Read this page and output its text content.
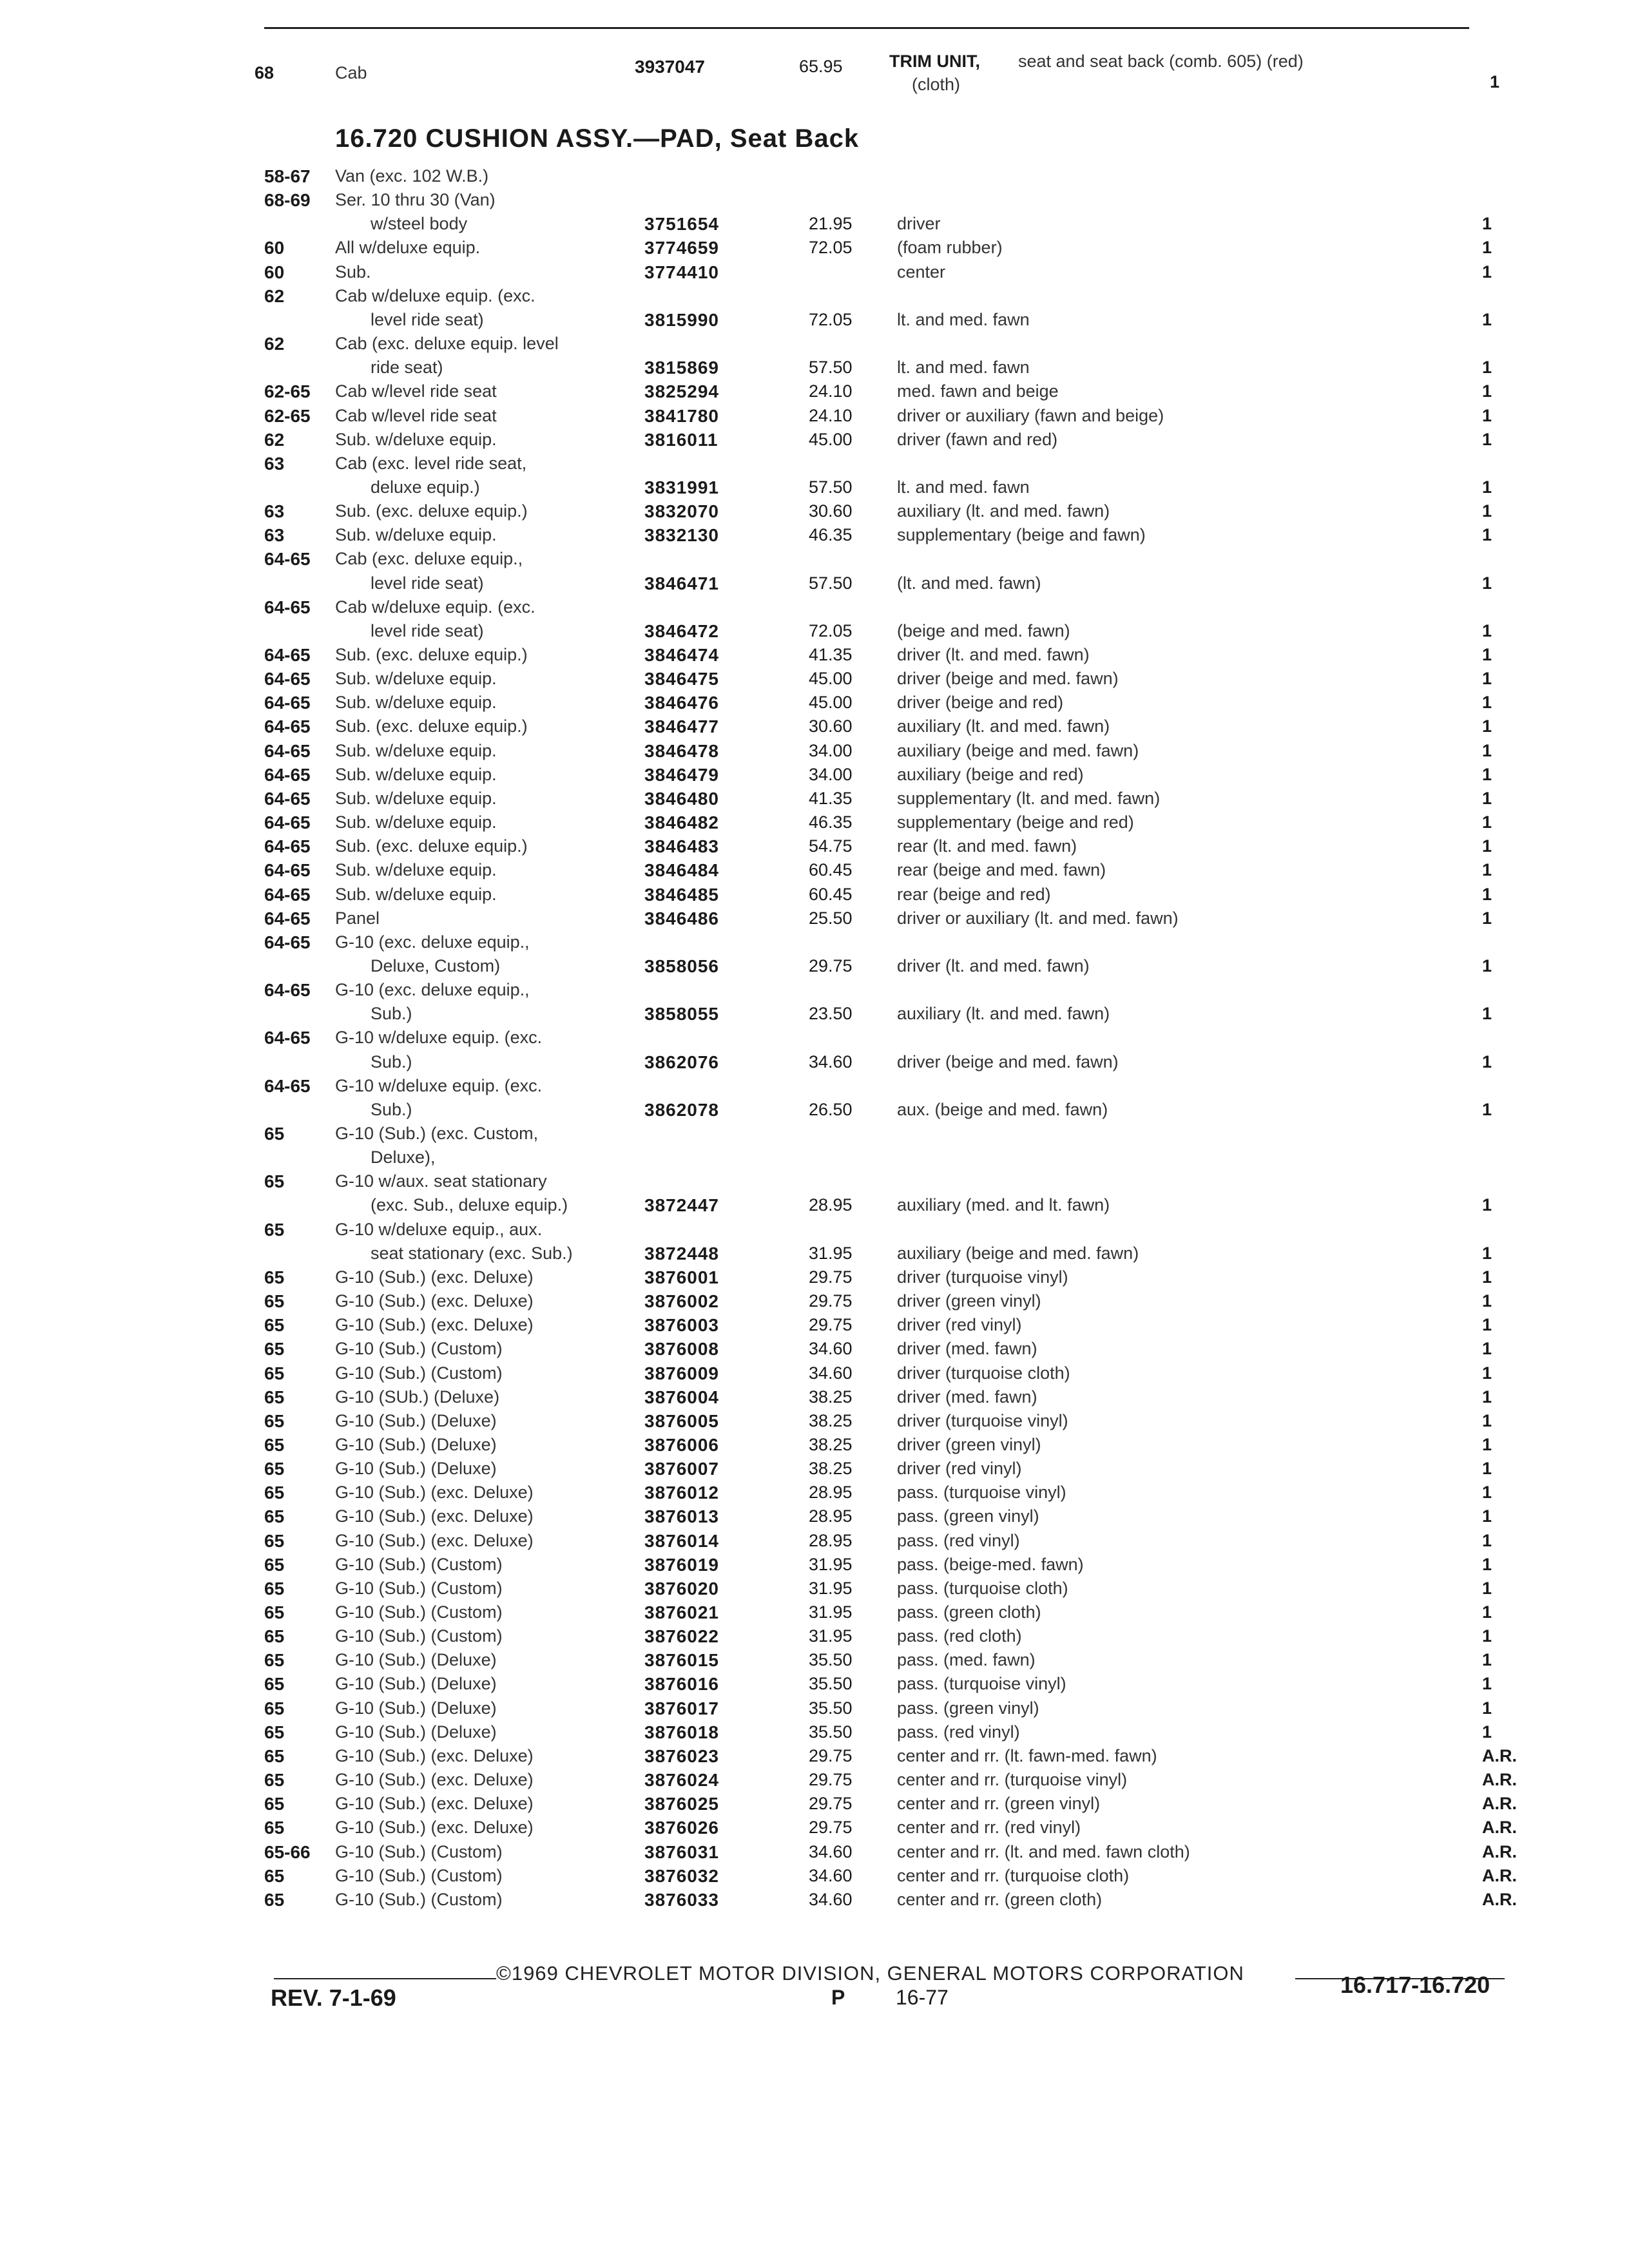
68	Cab	3937047	65.95	TRIM UNIT, seat and seat back (comb. 605) (red)
(cloth)	1
16.720 CUSHION ASSY.—PAD, Seat Back
58-67 Van (exc. 102 W.B.)
68-69 Ser. 10 thru 30 (Van)
w/steel body	3751654	21.95	driver	1
60	All w/deluxe equip.	3774659	72.05	(foam rubber)	1
60	Sub.	3774410	center	1
62	Cab w/deluxe equip. (exc.
level ride seat)	3815990	72.05	lt. and med. fawn	1
62	Cab (exc. deluxe equip. level
ride seat)	3815869	57.50	lt. and med. fawn	1
62-65 Cab w/level ride seat	3825294	24.10	med. fawn and beige	1
62-65 Cab w/level ride seat	3841780	24.10	driver or auxiliary (fawn and beige)	1
62	Sub. w/deluxe equip.	3816011	45.00	driver (fawn and red)	1
63	Cab (exc. level ride seat,
deluxe equip.)	3831991	57.50	lt. and med. fawn	1
63	Sub. (exc. deluxe equip.)	3832070	30.60	auxiliary (lt. and med. fawn)	1
63	Sub. w/deluxe equip.	3832130	46.35	supplementary (beige and fawn)	1
64-65 Cab (exc. deluxe equip.,
level ride seat)	3846471	57.50	(lt. and med. fawn)	1
64-65 Cab w/deluxe equip. (exc.
level ride seat)	3846472	72.05	(beige and med. fawn)	1
64-65 Sub. (exc. deluxe equip.)	3846474	41.35	driver (lt. and med. fawn)	1
64-65 Sub. w/deluxe equip.	3846475	45.00	driver (beige and med. fawn)	1
64-65 Sub. w/deluxe equip.	3846476	45.00	driver (beige and red)	1
64-65 Sub. (exc. deluxe equip.)	3846477	30.60	auxiliary (lt. and med. fawn)	1
64-65 Sub. w/deluxe equip.	3846478	34.00	auxiliary (beige and med. fawn)	1
64-65 Sub. w/deluxe equip.	3846479	34.00	auxiliary (beige and red)	1
64-65 Sub. w/deluxe equip.	3846480	41.35	supplementary (lt. and med. fawn)	1
64-65 Sub. w/deluxe equip.	3846482	46.35	supplementary (beige and red)	1
64-65 Sub. (exc. deluxe equip.)	3846483	54.75	rear (lt. and med. fawn)	1
64-65 Sub. w/deluxe equip.	3846484	60.45	rear (beige and med. fawn)	1
64-65 Sub. w/deluxe equip.	3846485	60.45	rear (beige and red)	1
64-65 Panel	3846486	25.50	driver or auxiliary (lt. and med. fawn)	1
64-65 G-10 (exc. deluxe equip.,
Deluxe, Custom)	3858056	29.75	driver (lt. and med. fawn)	1
64-65 G-10 (exc. deluxe equip.,
Sub.)	3858055	23.50	auxiliary (lt. and med. fawn)	1
64-65 G-10 w/deluxe equip. (exc.
Sub.)	3862076	34.60	driver (beige and med. fawn)	1
64-65 G-10 w/deluxe equip. (exc.
Sub.)	3862078	26.50	aux. (beige and med. fawn)	1
65	G-10 (Sub.) (exc. Custom,
Deluxe),
65	G-10 w/aux. seat stationary
(exc. Sub., deluxe equip.)	3872447	28.95	auxiliary (med. and lt. fawn)	1
65	G-10 w/deluxe equip., aux.
seat stationary (exc. Sub.)	3872448	31.95	auxiliary (beige and med. fawn)	1
65	G-10 (Sub.) (exc. Deluxe)	3876001	29.75	driver (turquoise vinyl)	1
65	G-10 (Sub.) (exc. Deluxe)	3876002	29.75	driver (green vinyl)	1
65	G-10 (Sub.) (exc. Deluxe)	3876003	29.75	driver (red vinyl)	1
65	G-10 (Sub.) (Custom)	3876008	34.60	driver (med. fawn)	1
65	G-10 (Sub.) (Custom)	3876009	34.60	driver (turquoise cloth)	1
65	G-10 (SUb.) (Deluxe)	3876004	38.25	driver (med. fawn)	1
65	G-10 (Sub.) (Deluxe)	3876005	38.25	driver (turquoise vinyl)	1
65	G-10 (Sub.) (Deluxe)	3876006	38.25	driver (green vinyl)	1
65	G-10 (Sub.) (Deluxe)	3876007	38.25	driver (red vinyl)	1
65	G-10 (Sub.) (exc. Deluxe)	3876012	28.95	pass. (turquoise vinyl)	1
65	G-10 (Sub.) (exc. Deluxe)	3876013	28.95	pass. (green vinyl)	1
65	G-10 (Sub.) (exc. Deluxe)	3876014	28.95	pass. (red vinyl)	1
65	G-10 (Sub.) (Custom)	3876019	31.95	pass. (beige-med. fawn)	1
65	G-10 (Sub.) (Custom)	3876020	31.95	pass. (turquoise cloth)	1
65	G-10 (Sub.) (Custom)	3876021	31.95	pass. (green cloth)	1
65	G-10 (Sub.) (Custom)	3876022	31.95	pass. (red cloth)	1
65	G-10 (Sub.) (Deluxe)	3876015	35.50	pass. (med. fawn)	1
65	G-10 (Sub.) (Deluxe)	3876016	35.50	pass. (turquoise vinyl)	1
65	G-10 (Sub.) (Deluxe)	3876017	35.50	pass. (green vinyl)	1
65	G-10 (Sub.) (Deluxe)	3876018	35.50	pass. (red vinyl)	1
65	G-10 (Sub.) (exc. Deluxe)	3876023	29.75	center and rr. (lt. fawn-med. fawn)	A.R.
65	G-10 (Sub.) (exc. Deluxe)	3876024	29.75	center and rr. (turquoise vinyl)	A.R.
65	G-10 (Sub.) (exc. Deluxe)	3876025	29.75	center and rr. (green vinyl)	A.R.
65	G-10 (Sub.) (exc. Deluxe)	3876026	29.75	center and rr. (red vinyl)	A.R.
65-66 G-10 (Sub.) (Custom)	3876031	34.60	center and rr. (lt. and med. fawn cloth)	A.R.
65	G-10 (Sub.) (Custom)	3876032	34.60	center and rr. (turquoise cloth)	A.R.
65	G-10 (Sub.) (Custom)	3876033	34.60	center and rr. (green cloth)	A.R.
©1969 CHEVROLET MOTOR DIVISION, GENERAL MOTORS CORPORATION
REV. 7-1-69	P 16-77	16.717-16.720
